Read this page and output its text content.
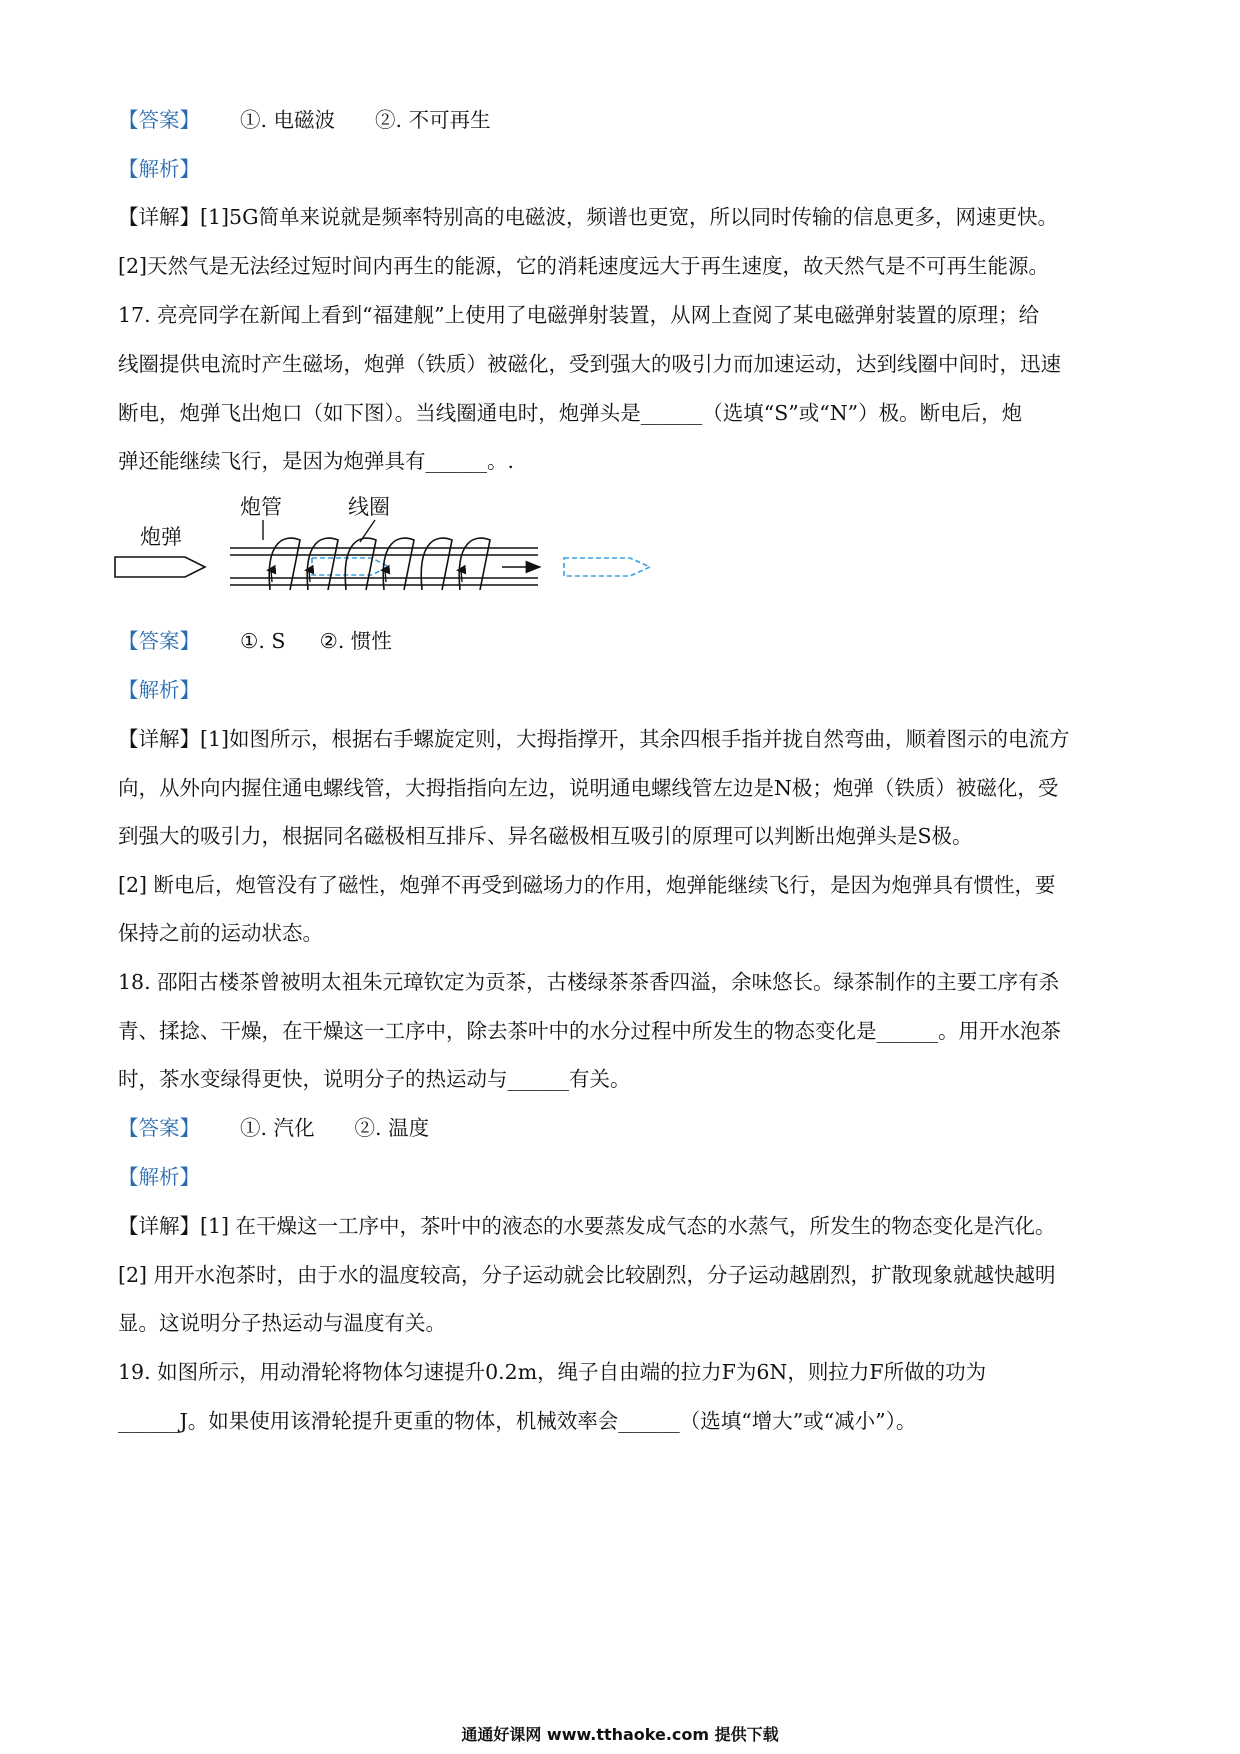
【答案】 ①. 电磁波 ②. 不可再生
【解析】
【详解】[1]5G简单来说就是频率特别高的电磁波，频谱也更宽，所以同时传输的信息更多，网速更快。
[2]天然气是无法经过短时间内再生的能源，它的消耗速度远大于再生速度，故天然气是不可再生能源。
17. 亮亮同学在新闻上看到“福建舰”上使用了电磁弹射装置，从网上查阅了某电磁弹射装置的原理；给
线圈提供电流时产生磁场，炮弹（铁质）被磁化，受到强大的吸引力而加速运动，达到线圈中间时，迅速
断电，炮弹飞出炮口（如下图）。当线圈通电时，炮弹头是______（选填“S”或“N”）极。断电后，炮
弹还能继续飞行，是因为炮弹具有______。.
炮弹
炮管	线圈
【答案】 ①. S ②. 惯性
【解析】
【详解】[1]如图所示，根据右手螺旋定则，大拇指撑开，其余四根手指并拢自然弯曲，顺着图示的电流方
向，从外向内握住通电螺线管，大拇指指向左边，说明通电螺线管左边是N极；炮弹（铁质）被磁化，受
到强大的吸引力，根据同名磁极相互排斥、异名磁极相互吸引的原理可以判断出炮弹头是S极。
[2] 断电后，炮管没有了磁性，炮弹不再受到磁场力的作用，炮弹能继续飞行，是因为炮弹具有惯性，要
保持之前的运动状态。
18. 邵阳古楼茶曾被明太祖朱元璋钦定为贡茶，古楼绿茶茶香四溢，余味悠长。绿茶制作的主要工序有杀
青、揉捻、干燥，在干燥这一工序中，除去茶叶中的水分过程中所发生的物态变化是______。用开水泡茶
时，茶水变绿得更快，说明分子的热运动与______有关。
【答案】 ①. 汽化 ②. 温度
【解析】
【详解】[1] 在干燥这一工序中，茶叶中的液态的水要蒸发成气态的水蒸气，所发生的物态变化是汽化。
[2] 用开水泡茶时，由于水的温度较高，分子运动就会比较剧烈，分子运动越剧烈，扩散现象就越快越明
显。这说明分子热运动与温度有关。
19. 如图所示，用动滑轮将物体匀速提升0.2m，绳子自由端的拉力F为6N，则拉力F所做的功为
______J。如果使用该滑轮提升更重的物体，机械效率会______（选填“增大”或“减小”）。
通通好课网 www.tthaoke.com 提供下载
